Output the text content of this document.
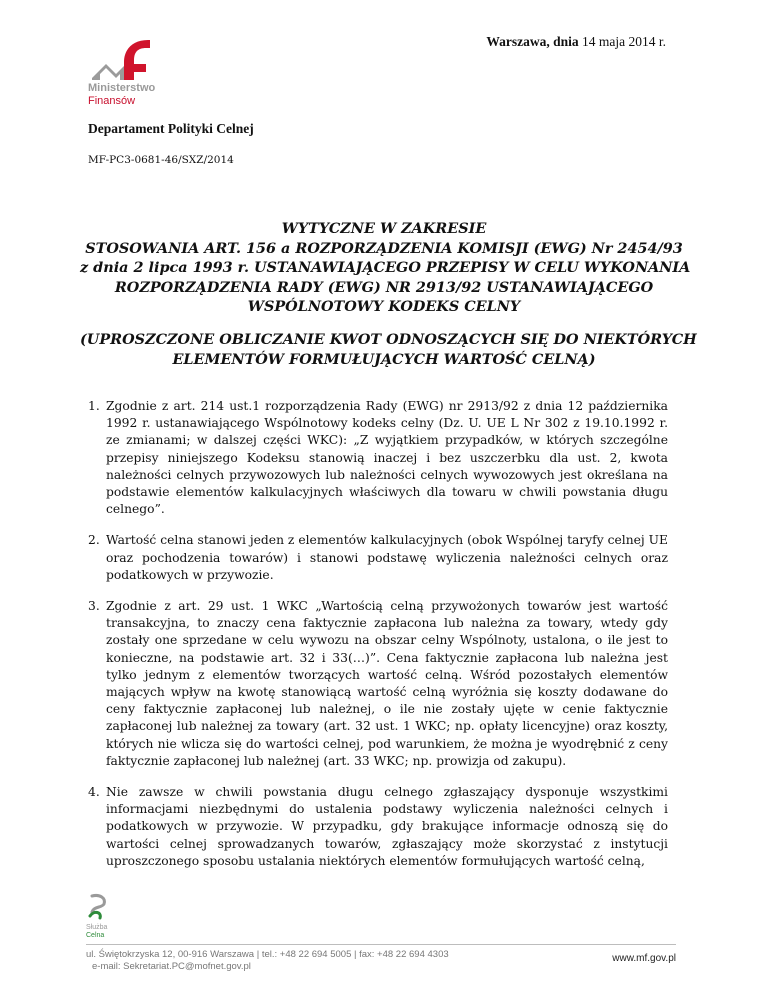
Warszawa, dnia 14 maja 2014 r.
Ministerstwo
Finansów
Departament Polityki Celnej
MF-PC3-0681-46/SXZ/2014
WYTYCZNE W ZAKRESIE
STOSOWANIA ART. 156 a ROZPORZĄDZENIA KOMISJI (EWG) Nr 2454/93
z dnia 2 lipca 1993 r. USTANAWIAJĄCEGO PRZEPISY W CELU WYKONANIA
ROZPORZĄDZENIA RADY (EWG) NR 2913/92 USTANAWIAJĄCEGO
WSPÓLNOTOWY KODEKS CELNY
(UPROSZCZONE OBLICZANIE KWOT ODNOSZĄCYCH SIĘ DO NIEKTÓRYCH
ELEMENTÓW FORMUŁUJĄCYCH WARTOŚĆ CELNĄ)
1. Zgodnie z art. 214 ust.1 rozporządzenia Rady (EWG) nr 2913/92 z dnia 12 października 1992 r. ustanawiającego Wspólnotowy kodeks celny (Dz. U. UE L Nr 302 z 19.10.1992 r. ze zmianami; w dalszej części WKC): „Z wyjątkiem przypadków, w których szczególne przepisy niniejszego Kodeksu stanowią inaczej i bez uszczerbku dla ust. 2, kwota należności celnych przywozowych lub należności celnych wywozowych jest określana na podstawie elementów kalkulacyjnych właściwych dla towaru w chwili powstania długu celnego”.
2. Wartość celna stanowi jeden z elementów kalkulacyjnych (obok Wspólnej taryfy celnej UE oraz pochodzenia towarów) i stanowi podstawę wyliczenia należności celnych oraz podatkowych w przywozie.
3. Zgodnie z art. 29 ust. 1 WKC „Wartością celną przywożonych towarów jest wartość transakcyjna, to znaczy cena faktycznie zapłacona lub należna za towary, wtedy gdy zostały one sprzedane w celu wywozu na obszar celny Wspólnoty, ustalona, o ile jest to konieczne, na podstawie art. 32 i 33(…)”. Cena faktycznie zapłacona lub należna jest tylko jednym z elementów tworzących wartość celną. Wśród pozostałych elementów mających wpływ na kwotę stanowiącą wartość celną wyróżnia się koszty dodawane do ceny faktycznie zapłaconej lub należnej, o ile nie zostały ujęte w cenie faktycznie zapłaconej lub należnej za towary (art. 32 ust. 1 WKC; np. opłaty licencyjne) oraz koszty, których nie wlicza się do wartości celnej, pod warunkiem, że można je wyodrębnić z ceny faktycznie zapłaconej lub należnej (art. 33 WKC; np. prowizja od zakupu).
4. Nie zawsze w chwili powstania długu celnego zgłaszający dysponuje wszystkimi informacjami niezbędnymi do ustalenia podstawy wyliczenia należności celnych i podatkowych w przywozie. W przypadku, gdy brakujące informacje odnoszą się do wartości celnej sprowadzanych towarów, zgłaszający może skorzystać z instytucji uproszczonego sposobu ustalania niektórych elementów formułujących wartość celną,
Służba
Celna
ul. Świętokrzyska 12, 00-916 Warszawa | tel.: +48 22 694 5005 | fax: +48 22 694 4303
e-mail: Sekretariat.PC@mofnet.gov.pl
www.mf.gov.pl
